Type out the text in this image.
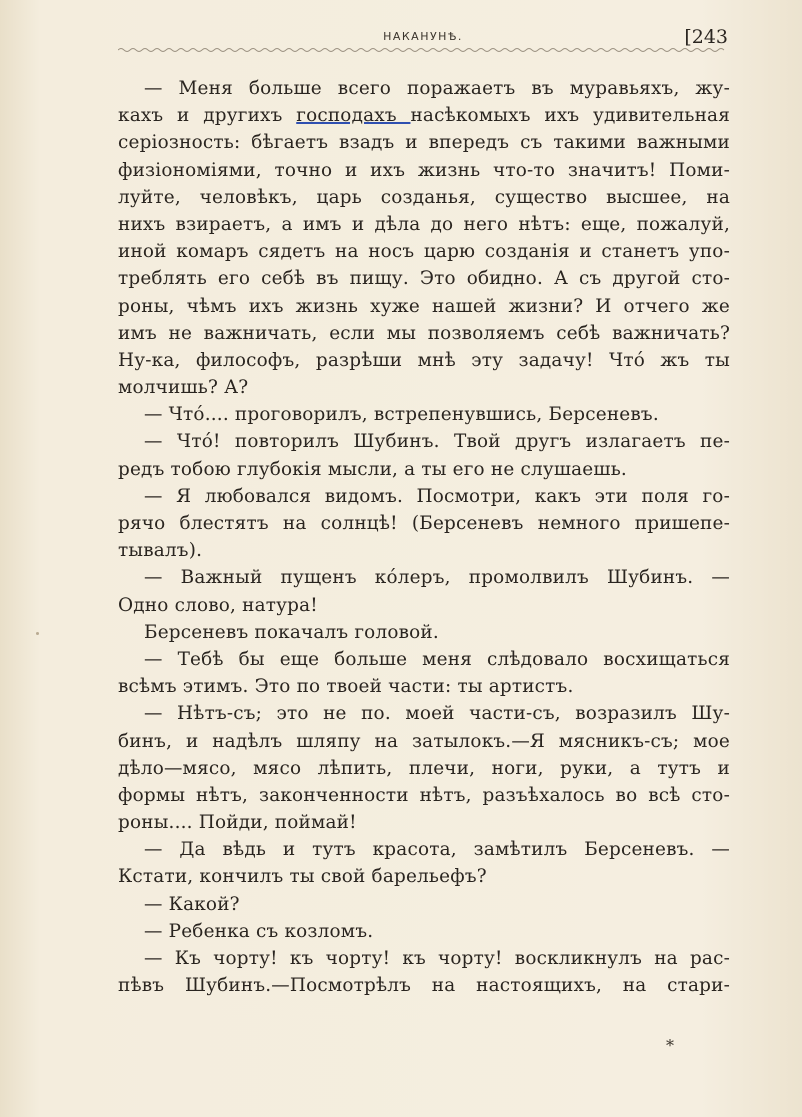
НАКАНУНѢ.	[243
— Меня больше всего поражаетъ въ муравьяхъ, жу-
кахъ и другихъ господахъ насѣкомыхъ ихъ удивительная
серіозность: бѣгаетъ взадъ и впередъ съ такими важными
физіономіями, точно и ихъ жизнь что-то значитъ! Поми-
луйте, человѣкъ, царь созданья, существо высшее, на
нихъ взираетъ, а имъ и дѣла до него нѣтъ: еще, пожалуй,
иной комаръ сядетъ на носъ царю созданія и станетъ упо-
треблять его себѣ въ пищу. Это обидно. А съ другой сто-
роны, чѣмъ ихъ жизнь хуже нашей жизни? И отчего же
имъ не важничать, если мы позволяемъ себѣ важничать?
Ну-ка, философъ, разрѣши мнѣ эту задачу! Что́ жъ ты
молчишь? А?
— Что́.... проговорилъ, встрепенувшись, Берсеневъ.
— Что́! повторилъ Шубинъ. Твой другъ излагаетъ пе-
редъ тобою глубокія мысли, а ты его не слушаешь.
— Я любовался видомъ. Посмотри, какъ эти поля го-
рячо блестятъ на солнцѣ! (Берсеневъ немного пришепе-
тывалъ).
— Важный пущенъ ко́леръ, промолвилъ Шубинъ. —
Одно слово, натура!
Берсеневъ покачалъ головой.
— Тебѣ бы еще больше меня слѣдовало восхищаться
всѣмъ этимъ. Это по твоей части: ты артистъ.
— Нѣтъ-съ; это не по. моей части-съ, возразилъ Шу-
бинъ, и надѣлъ шляпу на затылокъ.—Я мясникъ-съ; мое
дѣло—мясо, мясо лѣпить, плечи, ноги, руки, а тутъ и
формы нѣтъ, законченности нѣтъ, разъѣхалось во всѣ сто-
роны.... Пойди, поймай!
— Да вѣдь и тутъ красота, замѣтилъ Берсеневъ. —
Кстати, кончилъ ты свой барельефъ?
— Какой?
— Ребенка съ козломъ.
— Къ чорту! къ чорту! къ чорту! воскликнулъ на рас-
пѣвъ Шубинъ.—Посмотрѣлъ на настоящихъ, на стари-
*
